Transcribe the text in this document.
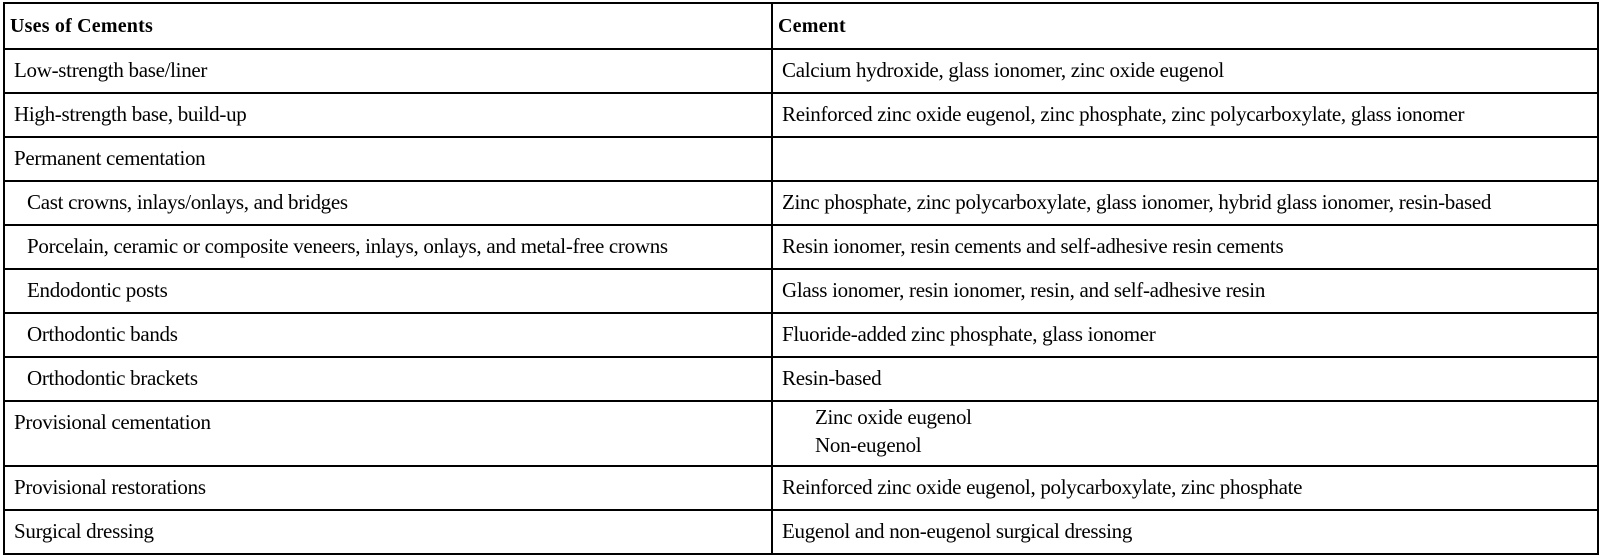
Uses of Cements	Cement
Low-strength base/liner	Calcium hydroxide, glass ionomer, zinc oxide eugenol
High-strength base, build-up	Reinforced zinc oxide eugenol, zinc phosphate, zinc polycarboxylate, glass ionomer
Permanent cementation	
Cast crowns, inlays/onlays, and bridges	Zinc phosphate, zinc polycarboxylate, glass ionomer, hybrid glass ionomer, resin-based
Porcelain, ceramic or composite veneers, inlays, onlays, and metal-free crowns	Resin ionomer, resin cements and self-adhesive resin cements
Endodontic posts	Glass ionomer, resin ionomer, resin, and self-adhesive resin
Orthodontic bands	Fluoride-added zinc phosphate, glass ionomer
Orthodontic brackets	Resin-based
Provisional cementation	Zinc oxide eugenol
Non-eugenol

Provisional restorations	Reinforced zinc oxide eugenol, polycarboxylate, zinc phosphate
Surgical dressing	Eugenol and non-eugenol surgical dressing
